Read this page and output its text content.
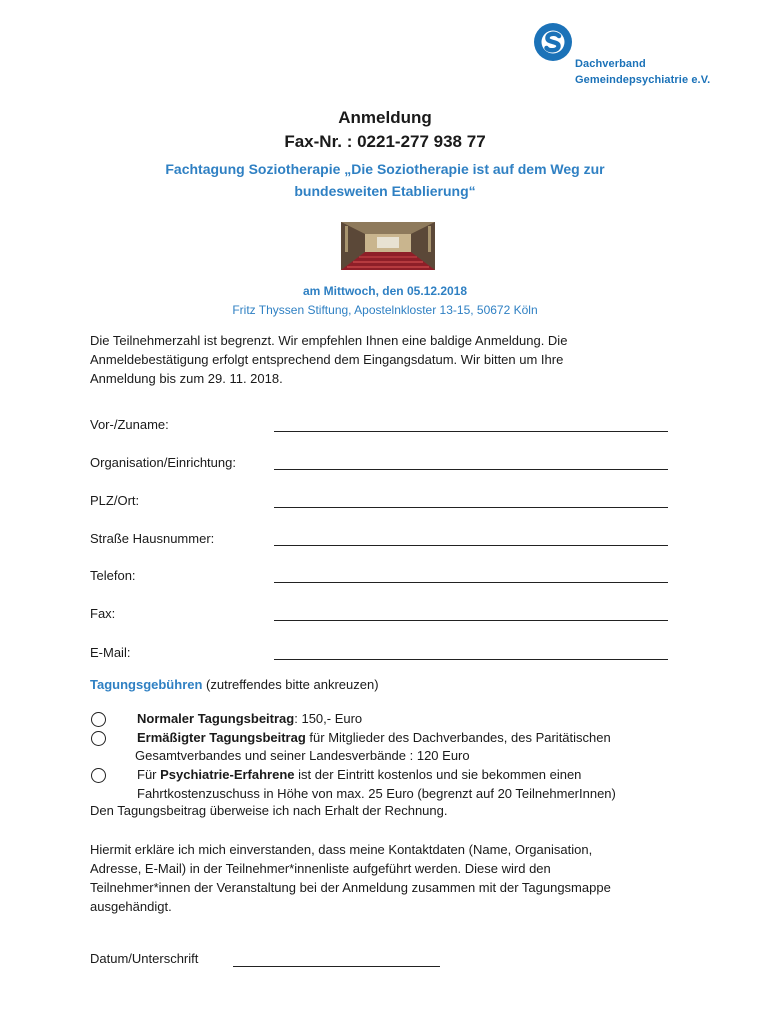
Dachverband
Gemeindepsychiatrie e.V.
Anmeldung
Fax-Nr. : 0221-277 938 77
Fachtagung Soziotherapie „Die Soziotherapie ist auf dem Weg zur
bundesweiten Etablierung“
am Mittwoch, den 05.12.2018
Fritz Thyssen Stiftung, Apostelnkloster 13-15, 50672 Köln
Die Teilnehmerzahl ist begrenzt. Wir empfehlen Ihnen eine baldige Anmeldung. Die
Anmeldebestätigung erfolgt entsprechend dem Eingangsdatum. Wir bitten um Ihre
Anmeldung bis zum 29. 11. 2018.
Vor-/Zuname:
Organisation/Einrichtung:
PLZ/Ort:
Straße Hausnummer:
Telefon:
Fax:
E-Mail:
Tagungsgebühren (zutreffendes bitte ankreuzen)
Normaler Tagungsbeitrag: 150,- Euro
Ermäßigter Tagungsbeitrag für Mitglieder des Dachverbandes, des Paritätischen
Gesamtverbandes und seiner Landesverbände : 120 Euro
Für Psychiatrie-Erfahrene ist der Eintritt kostenlos und sie bekommen einen
Fahrtkostenzuschuss in Höhe von max. 25 Euro (begrenzt auf 20 TeilnehmerInnen)
Den Tagungsbeitrag überweise ich nach Erhalt der Rechnung.
Hiermit erkläre ich mich einverstanden, dass meine Kontaktdaten (Name, Organisation,
Adresse, E-Mail) in der Teilnehmer*innenliste aufgeführt werden. Diese wird den
Teilnehmer*innen der Veranstaltung bei der Anmeldung zusammen mit der Tagungsmappe
ausgehändigt.
Datum/Unterschrift
